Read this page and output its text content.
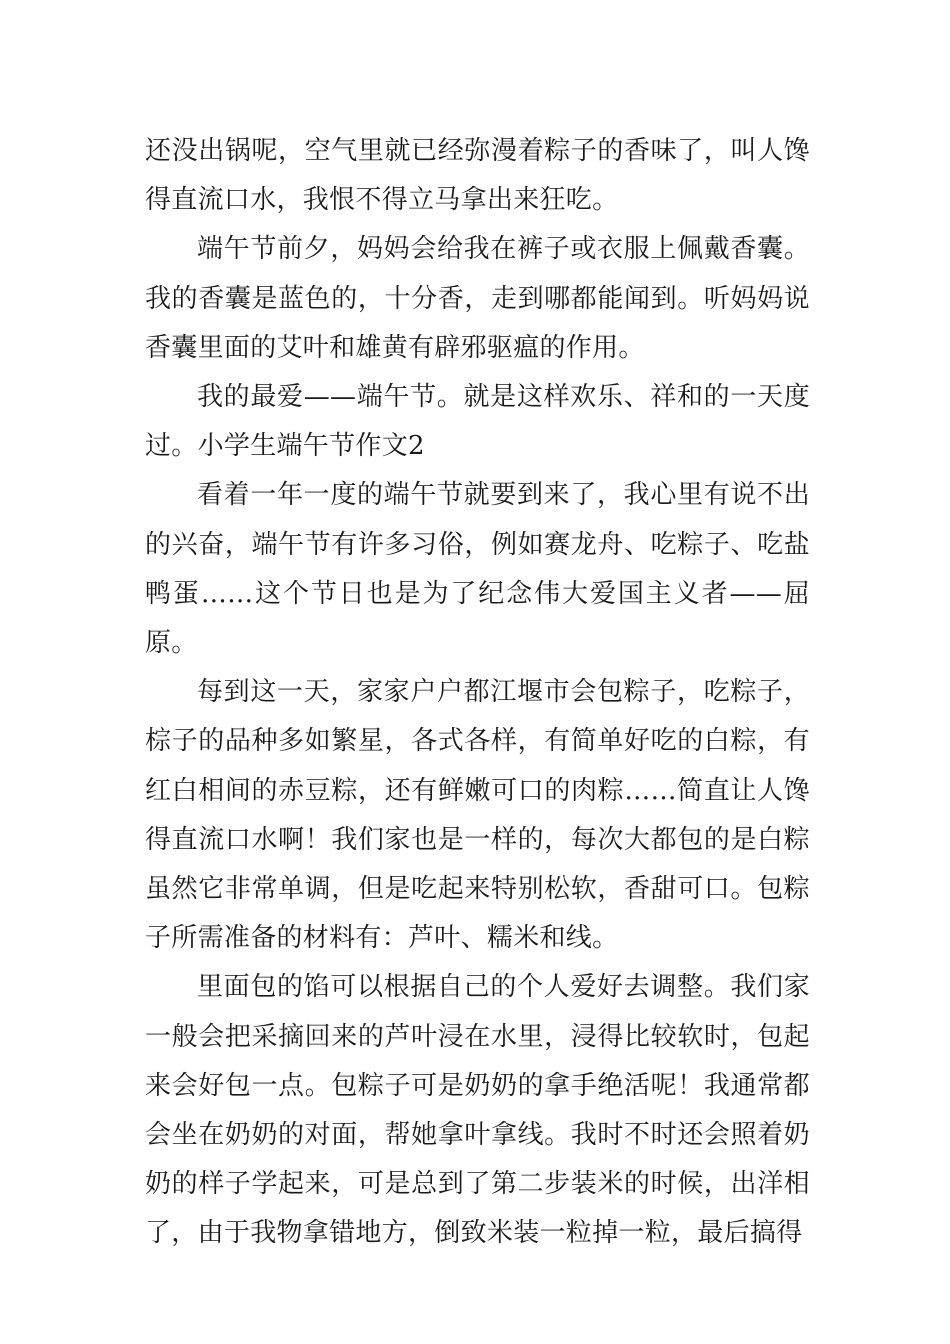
还没出锅呢，空气里就已经弥漫着粽子的香味了，叫人馋得直流口水，我恨不得立马拿出来狂吃。

端午节前夕，妈妈会给我在裤子或衣服上佩戴香囊。我的香囊是蓝色的，十分香，走到哪都能闻到。听妈妈说香囊里面的艾叶和雄黄有辟邪驱瘟的作用。

我的最爱——端午节。就是这样欢乐、祥和的一天度过。小学生端午节作文2

看着一年一度的端午节就要到来了，我心里有说不出的兴奋，端午节有许多习俗，例如赛龙舟、吃粽子、吃盐鸭蛋……这个节日也是为了纪念伟大爱国主义者——屈原。

每到这一天，家家户户都江堰市会包粽子，吃粽子，棕子的品种多如繁星，各式各样，有简单好吃的白粽，有红白相间的赤豆粽，还有鲜嫩可口的肉粽……简直让人馋得直流口水啊！我们家也是一样的，每次大都包的是白粽虽然它非常单调，但是吃起来特别松软，香甜可口。包粽子所需准备的材料有：芦叶、糯米和线。

里面包的馅可以根据自己的个人爱好去调整。我们家一般会把采摘回来的芦叶浸在水里，浸得比较软时，包起来会好包一点。包粽子可是奶奶的拿手绝活呢！我通常都会坐在奶奶的对面，帮她拿叶拿线。我时不时还会照着奶奶的样子学起来，可是总到了第二步装米的时候，出洋相了，由于我物拿错地方，倒致米装一粒掉一粒，最后搞得
